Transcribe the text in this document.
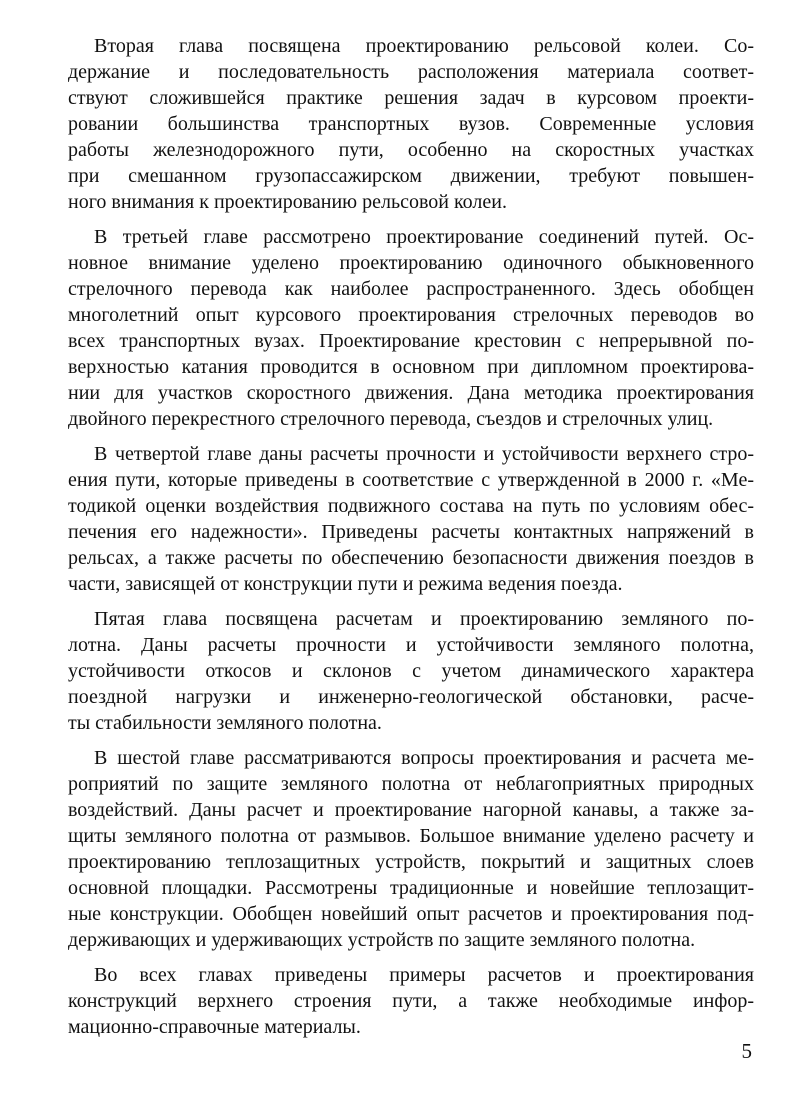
Вторая глава посвящена проектированию рельсовой колеи. Со-
держание и последовательность расположения материала соответ-
ствуют сложившейся практике решения задач в курсовом проекти-
ровании большинства транспортных вузов. Современные условия
работы железнодорожного пути, особенно на скоростных участках
при смешанном грузопассажирском движении, требуют повышен-
ного внимания к проектированию рельсовой колеи.
В третьей главе рассмотрено проектирование соединений путей. Ос-
новное внимание уделено проектированию одиночного обыкновенного
стрелочного перевода как наиболее распространенного. Здесь обобщен
многолетний опыт курсового проектирования стрелочных переводов во
всех транспортных вузах. Проектирование крестовин с непрерывной по-
верхностью катания проводится в основном при дипломном проектирова-
нии для участков скоростного движения. Дана методика проектирования
двойного перекрестного стрелочного перевода, съездов и стрелочных улиц.
В четвертой главе даны расчеты прочности и устойчивости верхнего стро-
ения пути, которые приведены в соответствие с утвержденной в 2000 г. «Ме-
тодикой оценки воздействия подвижного состава на путь по условиям обес-
печения его надежности». Приведены расчеты контактных напряжений в
рельсах, а также расчеты по обеспечению безопасности движения поездов в
части, зависящей от конструкции пути и режима ведения поезда.
Пятая глава посвящена расчетам и проектированию земляного по-
лотна. Даны расчеты прочности и устойчивости земляного полотна,
устойчивости откосов и склонов с учетом динамического характера
поездной нагрузки и инженерно-геологической обстановки, расче-
ты стабильности земляного полотна.
В шестой главе рассматриваются вопросы проектирования и расчета ме-
роприятий по защите земляного полотна от неблагоприятных природных
воздействий. Даны расчет и проектирование нагорной канавы, а также за-
щиты земляного полотна от размывов. Большое внимание уделено расчету и
проектированию теплозащитных устройств, покрытий и защитных слоев
основной площадки. Рассмотрены традиционные и новейшие теплозащит-
ные конструкции. Обобщен новейший опыт расчетов и проектирования под-
держивающих и удерживающих устройств по защите земляного полотна.
Во всех главах приведены примеры расчетов и проектирования
конструкций верхнего строения пути, а также необходимые инфор-
мационно-справочные материалы.
5
